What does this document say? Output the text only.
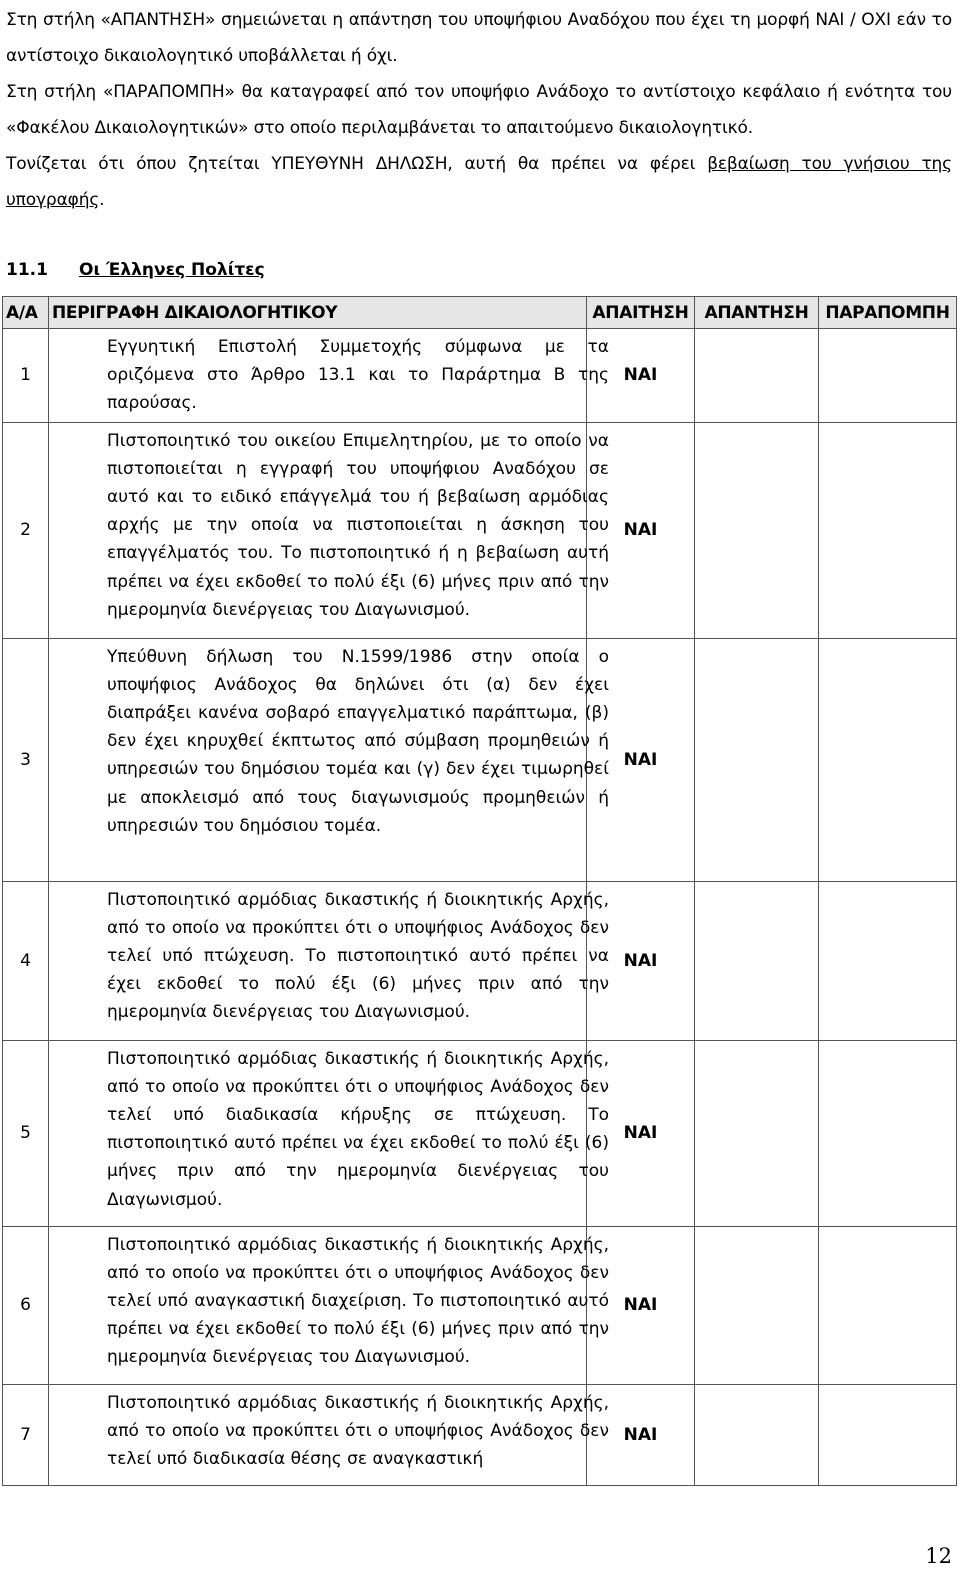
Στη στήλη «ΑΠΑΝΤΗΣΗ» σημειώνεται η απάντηση του υποψήφιου Αναδόχου που έχει τη μορφή ΝΑΙ / ΟΧΙ εάν το αντίστοιχο δικαιολογητικό υποβάλλεται ή όχι.

Στη στήλη «ΠΑΡΑΠΟΜΠΗ» θα καταγραφεί από τον υποψήφιο Ανάδοχο το αντίστοιχο κεφάλαιο ή ενότητα του «Φακέλου Δικαιολογητικών» στο οποίο περιλαμβάνεται το απαιτούμενο δικαιολογητικό.

Τονίζεται ότι όπου ζητείται ΥΠΕΥΘΥΝΗ ΔΗΛΩΣΗ, αυτή θα πρέπει να φέρει βεβαίωση του γνήσιου της υπογραφής.

11.1 Οι Έλληνες Πολίτες
Α/Α	ΠΕΡΙΓΡΑΦΗ ΔΙΚΑΙΟΛΟΓΗΤΙΚΟΥ	ΑΠΑΙΤΗΣΗ	ΑΠΑΝΤΗΣΗ	ΠΑΡΑΠΟΜΠΗ
1	Εγγυητική Επιστολή Συμμετοχής σύμφωνα με τα οριζόμενα στο Άρθρο 13.1 και το Παράρτημα Β της παρούσας.	ΝΑΙ		
2	Πιστοποιητικό του οικείου Επιμελητηρίου, με το οποίο να πιστοποιείται η εγγραφή του υποψήφιου Αναδόχου σε αυτό και το ειδικό επάγγελμά του ή βεβαίωση αρμόδιας αρχής με την οποία να πιστοποιείται η άσκηση του επαγγέλματός του. Το πιστοποιητικό ή η βεβαίωση αυτή πρέπει να έχει εκδοθεί το πολύ έξι (6) μήνες πριν από την ημερομηνία διενέργειας του Διαγωνισμού.	ΝΑΙ		
3	Υπεύθυνη δήλωση του Ν.1599/1986 στην οποία ο υποψήφιος Ανάδοχος θα δηλώνει ότι (α) δεν έχει διαπράξει κανένα σοβαρό επαγγελματικό παράπτωμα, (β) δεν έχει κηρυχθεί έκπτωτος από σύμβαση προμηθειών ή υπηρεσιών του δημόσιου τομέα και (γ) δεν έχει τιμωρηθεί με αποκλεισμό από τους διαγωνισμούς προμηθειών ή υπηρεσιών του δημόσιου τομέα.	ΝΑΙ		
4	Πιστοποιητικό αρμόδιας δικαστικής ή διοικητικής Αρχής, από το οποίο να προκύπτει ότι ο υποψήφιος Ανάδοχος δεν τελεί υπό πτώχευση. Το πιστοποιητικό αυτό πρέπει να έχει εκδοθεί το πολύ έξι (6) μήνες πριν από την ημερομηνία διενέργειας του Διαγωνισμού.	ΝΑΙ		
5	Πιστοποιητικό αρμόδιας δικαστικής ή διοικητικής Αρχής, από το οποίο να προκύπτει ότι ο υποψήφιος Ανάδοχος δεν τελεί υπό διαδικασία κήρυξης σε πτώχευση. Το πιστοποιητικό αυτό πρέπει να έχει εκδοθεί το πολύ έξι (6) μήνες πριν από την ημερομηνία διενέργειας του Διαγωνισμού.	ΝΑΙ		
6	Πιστοποιητικό αρμόδιας δικαστικής ή διοικητικής Αρχής, από το οποίο να προκύπτει ότι ο υποψήφιος Ανάδοχος δεν τελεί υπό αναγκαστική διαχείριση. Το πιστοποιητικό αυτό πρέπει να έχει εκδοθεί το πολύ έξι (6) μήνες πριν από την ημερομηνία διενέργειας του Διαγωνισμού.	ΝΑΙ		
7	Πιστοποιητικό αρμόδιας δικαστικής ή διοικητικής Αρχής, από το οποίο να προκύπτει ότι ο υποψήφιος Ανάδοχος δεν τελεί υπό διαδικασία θέσης σε αναγκαστική	ΝΑΙ		
12
